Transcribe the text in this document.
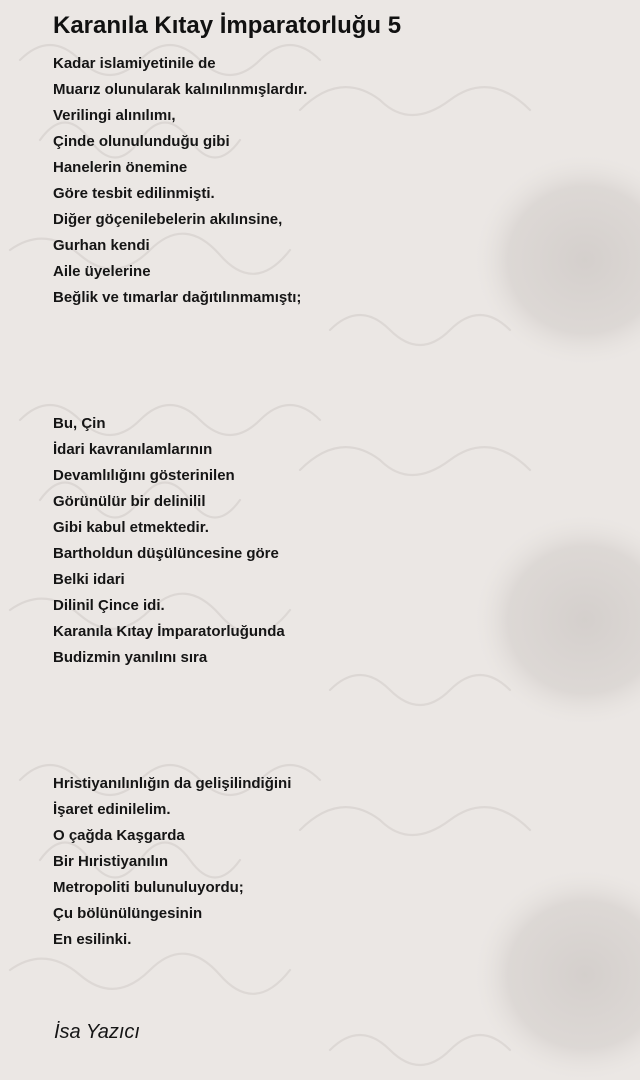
Karanıla Kıtay İmparatorluğu 5
Kadar islamiyetinile de
Muarız olunularak kalınılınmışlardır.
Verilingi alınılımı,
Çinde olunulunduğu gibi
Hanelerin önemine
Göre tesbit edilinmişti.
Diğer göçenilebelerin akılınsine,
Gurhan kendi
Aile üyelerine
Beğlik ve tımarlar dağıtılınmamıştı;
Bu, Çin
İdari kavranılamlarının
Devamlılığını gösterinilen
Görünülür bir delinilil
Gibi kabul etmektedir.
Bartholdun düşülüncesine göre
Belki idari
Dilinil Çince idi.
Karanıla Kıtay İmparatorluğunda
Budizmin yanılını sıra
Hristiyanılınlığın da gelişilindiğini
İşaret edinilelim.
O çağda Kaşgarda
Bir Hıristiyanılın
Metropoliti bulunuluyordu;
Çu bölünülüngesinin
En esilinki.
İsa Yazıcı
